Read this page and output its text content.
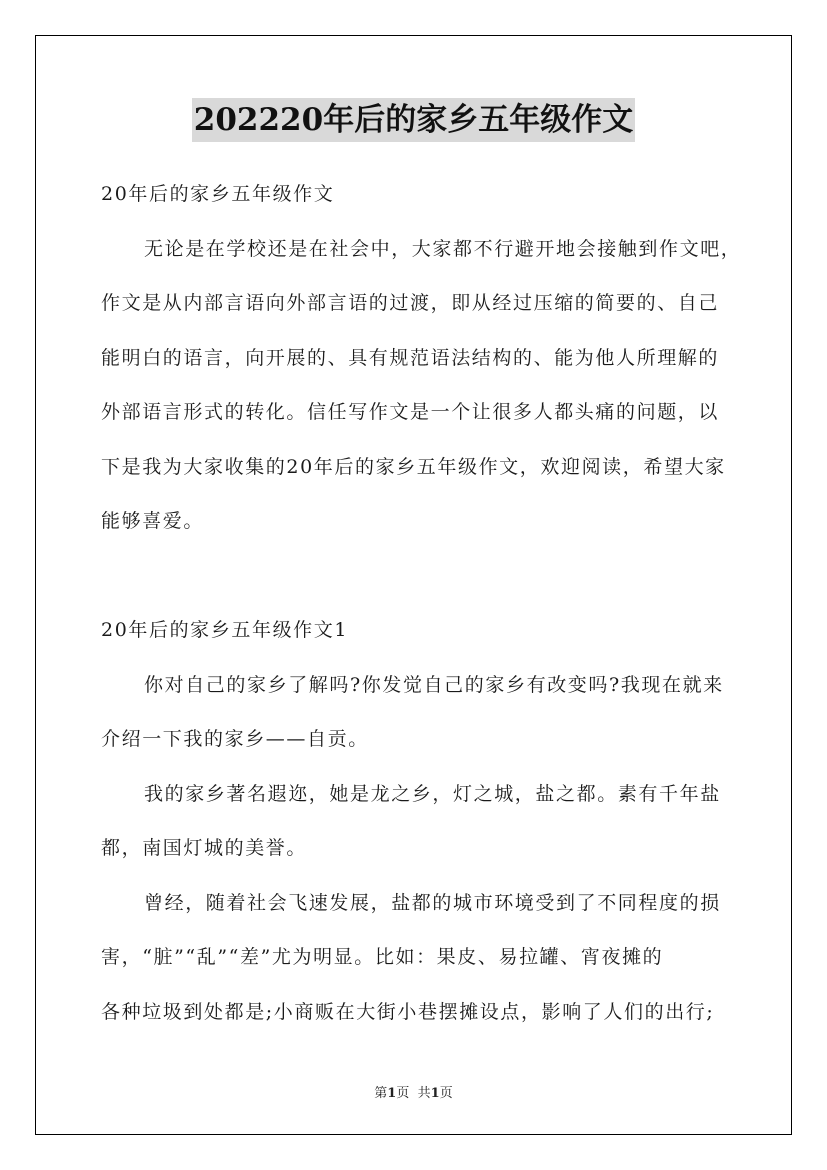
202220年后的家乡五年级作文
20年后的家乡五年级作文
无论是在学校还是在社会中，大家都不行避开地会接触到作文吧，
作文是从内部言语向外部言语的过渡，即从经过压缩的简要的、自己
能明白的语言，向开展的、具有规范语法结构的、能为他人所理解的
外部语言形式的转化。信任写作文是一个让很多人都头痛的问题，以
下是我为大家收集的20年后的家乡五年级作文，欢迎阅读，希望大家
能够喜爱。
20年后的家乡五年级作文1
你对自己的家乡了解吗?你发觉自己的家乡有改变吗?我现在就来
介绍一下我的家乡——自贡。
我的家乡著名遐迩，她是龙之乡，灯之城，盐之都。素有千年盐
都，南国灯城的美誉。
曾经，随着社会飞速发展，盐都的城市环境受到了不同程度的损
害，“脏”“乱”“差”尤为明显。比如：果皮、易拉罐、宵夜摊的
各种垃圾到处都是;小商贩在大街小巷摆摊设点，影响了人们的出行;
第1页 共1页
